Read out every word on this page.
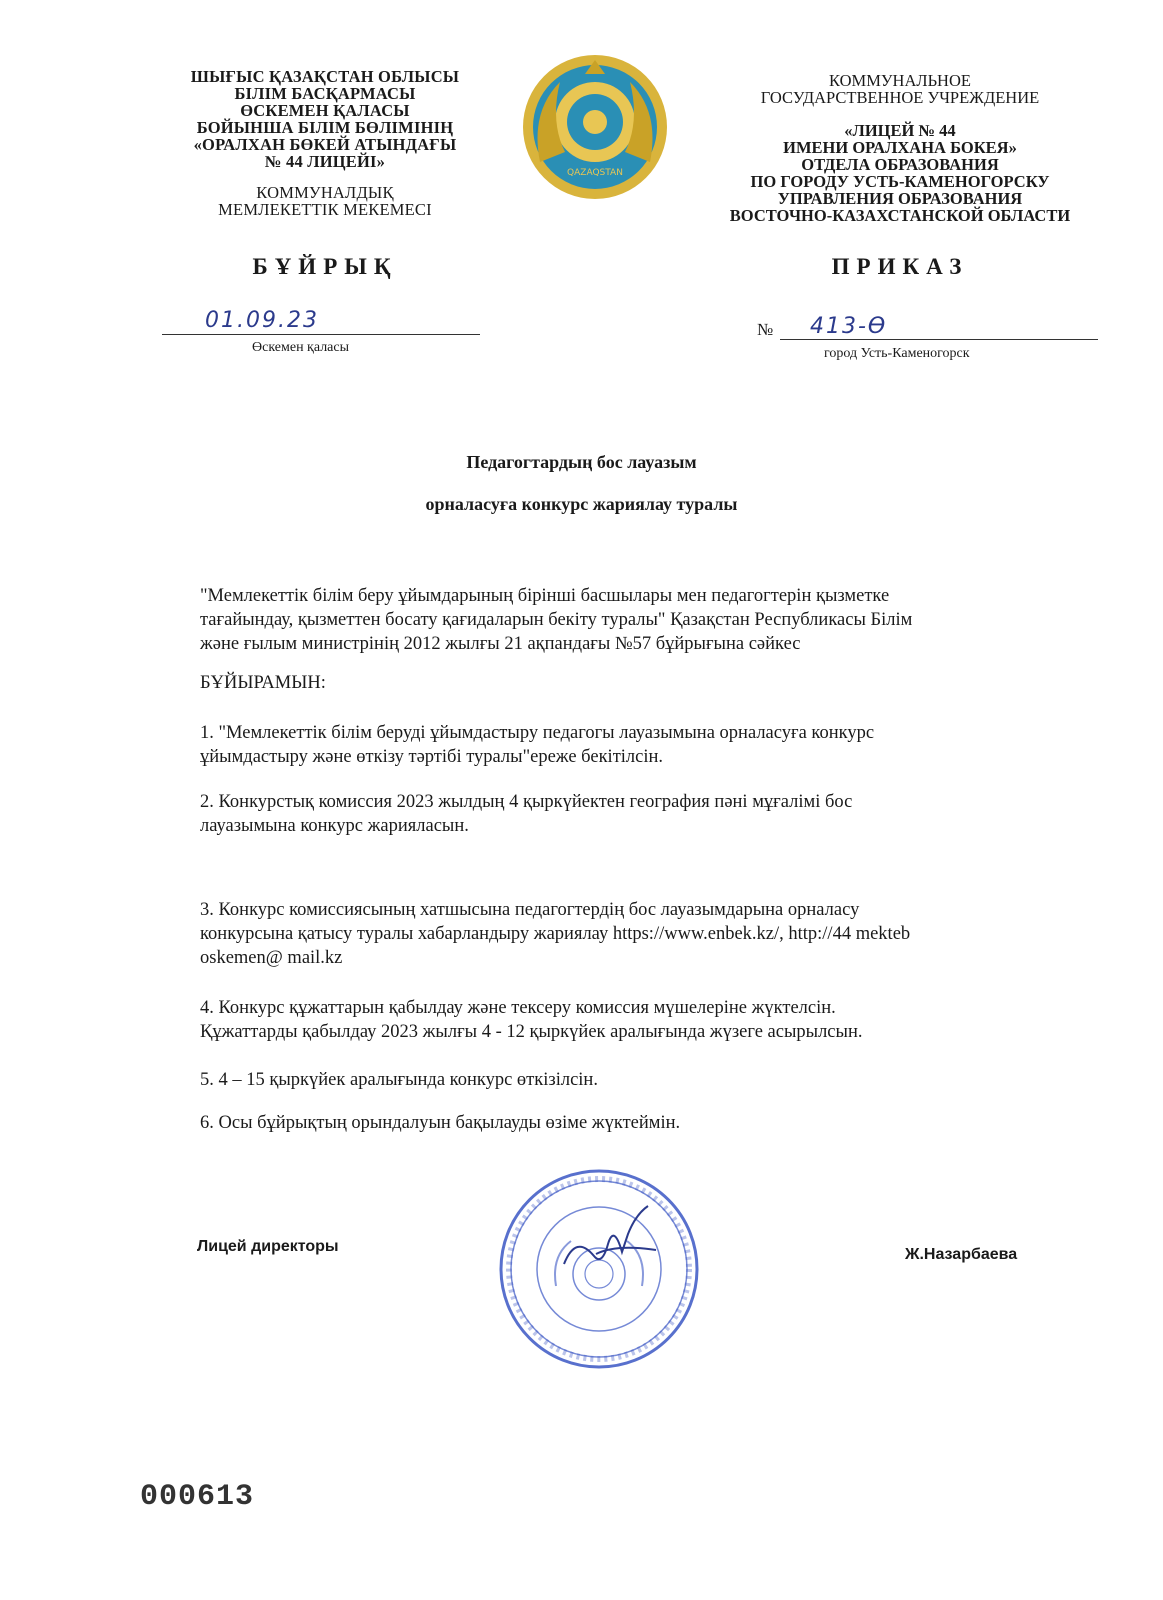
ШЫҒЫС ҚАЗАҚСТАН ОБЛЫСЫ
БІЛІМ БАСҚАРМАСЫ
ӨСКЕМЕН ҚАЛАСЫ
БОЙЫНША БІЛІМ БӨЛІМІНІҢ
«ОРАЛХАН БӨКЕЙ АТЫНДАҒЫ
№ 44 ЛИЦЕЙІ»
КОММУНАЛДЫҚ
МЕМЛЕКЕТТІК МЕКЕМЕСІ
БҰЙРЫҚ
QAZAQSTAN
КОММУНАЛЬНОЕ
ГОСУДАРСТВЕННОЕ УЧРЕЖДЕНИЕ
«ЛИЦЕЙ № 44
ИМЕНИ ОРАЛХАНА БОКЕЯ»
ОТДЕЛА ОБРАЗОВАНИЯ
ПО ГОРОДУ УСТЬ-КАМЕНОГОРСКУ
УПРАВЛЕНИЯ ОБРАЗОВАНИЯ
ВОСТОЧНО-КАЗАХСТАНСКОЙ ОБЛАСТИ
ПРИКАЗ
01.09.23
Өскемен қаласы
№ 413-Ө
город Усть-Каменогорск
Педагогтардың бос лауазым
орналасуға конкурс жариялау туралы
"Мемлекеттік білім беру ұйымдарының бірінші басшылары мен педагогтерін қызметке
тағайындау, қызметтен босату қағидаларын бекіту туралы" Қазақстан Республикасы Білім
және ғылым министрінің 2012 жылғы 21 ақпандағы №57 бұйрығына сәйкес
БҰЙЫРАМЫН:
1. "Мемлекеттік білім беруді ұйымдастыру педагогы лауазымына орналасуға конкурс
ұйымдастыру және өткізу тәртібі туралы"ереже бекітілсін.
2. Конкурстық комиссия 2023 жылдың 4 қыркүйектен география пәні мұғалімі бос
лауазымына конкурс жарияласын.
3. Конкурс комиссиясының хатшысына педагогтердің бос лауазымдарына орналасу
конкурсына қатысу туралы хабарландыру жариялау https://www.enbek.kz/, http://44 mekteb
oskemen@ mail.kz
4. Конкурс құжаттарын қабылдау және тексеру комиссия мүшелеріне жүктелсін.
Құжаттарды қабылдау 2023 жылғы 4 - 12 қыркүйек аралығында жүзеге асырылсын.
5. 4 – 15 қыркүйек аралығында конкурс өткізілсін.
6. Осы бұйрықтың орындалуын бақылауды өзіме жүктеймін.
Лицей директоры	Ж.Назарбаева
000613
